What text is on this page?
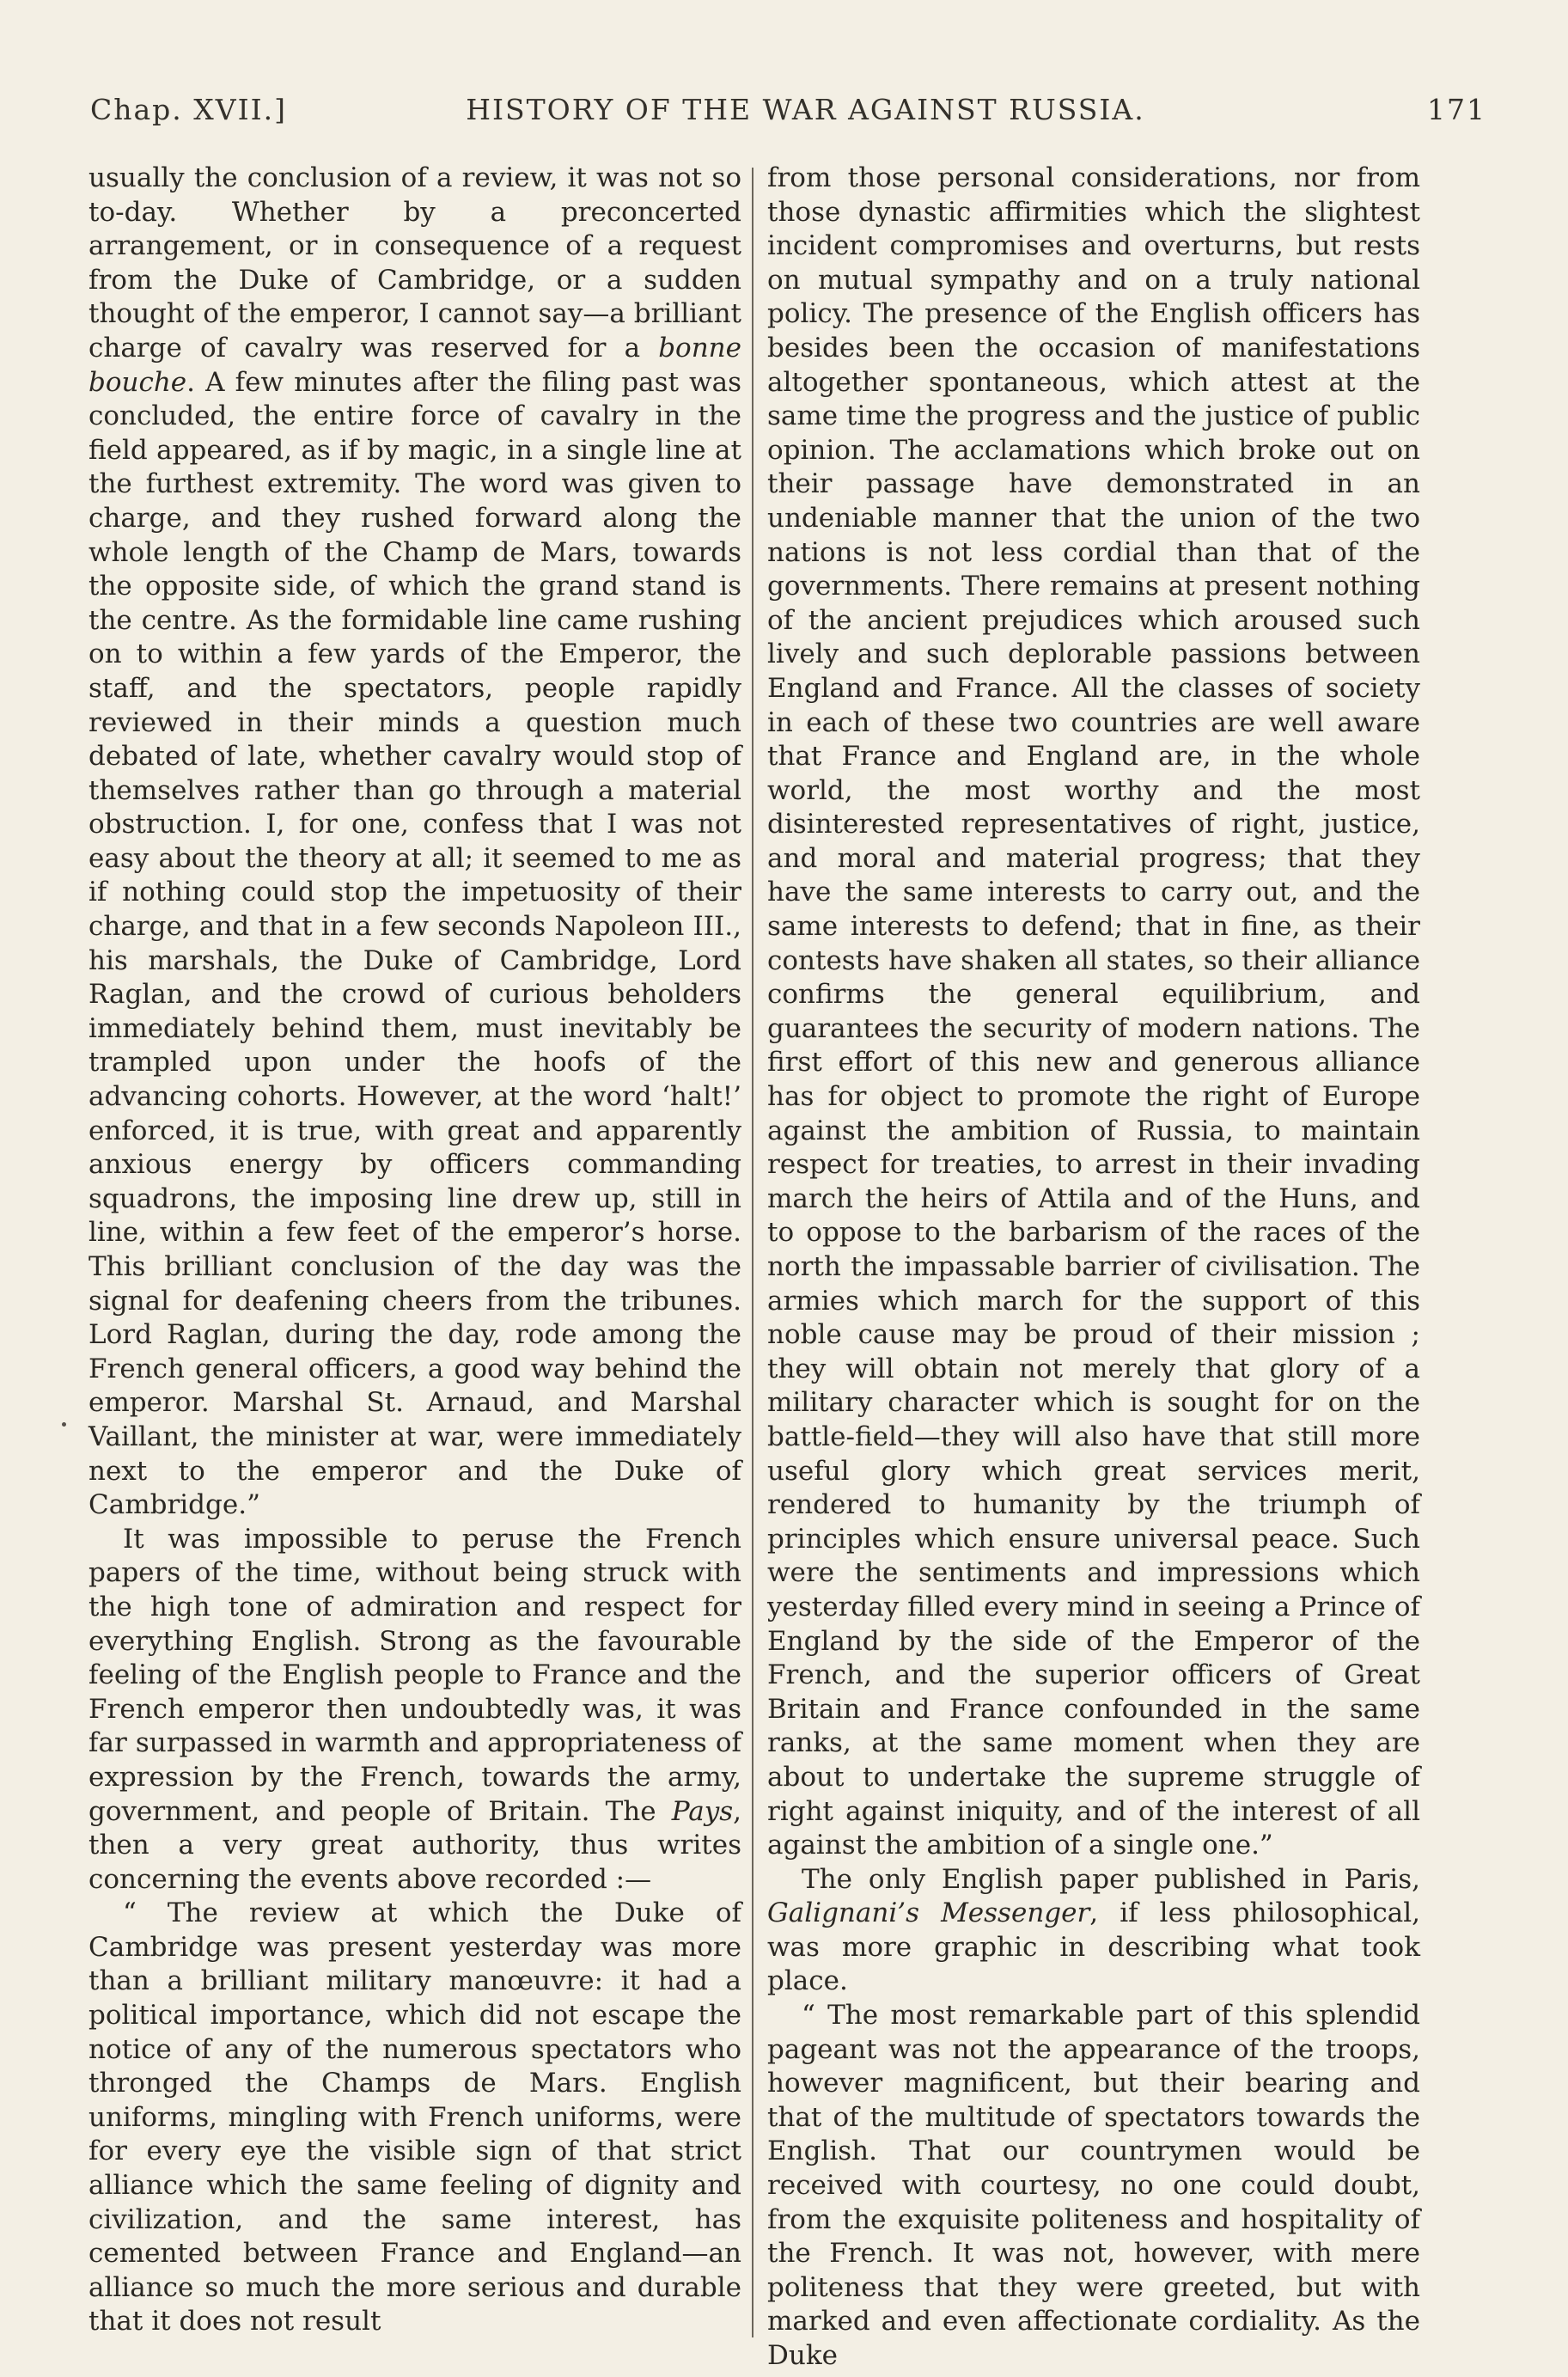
Chap. XVII.]	HISTORY OF THE WAR AGAINST RUSSIA.	171

usually the conclusion of a review, it was not so to-day. Whether by a preconcerted arrangement, or in consequence of a request from the Duke of Cambridge, or a sudden thought of the emperor, I cannot say—a brilliant charge of cavalry was reserved for a bonne bouche. A few minutes after the filing past was concluded, the entire force of cavalry in the field appeared, as if by magic, in a single line at the furthest extremity. The word was given to charge, and they rushed forward along the whole length of the Champ de Mars, towards the opposite side, of which the grand stand is the centre. As the formidable line came rushing on to within a few yards of the Emperor, the staff, and the spectators, people rapidly reviewed in their minds a question much debated of late, whether cavalry would stop of themselves rather than go through a material obstruction. I, for one, confess that I was not easy about the theory at all; it seemed to me as if nothing could stop the impetuosity of their charge, and that in a few seconds Napoleon III., his marshals, the Duke of Cambridge, Lord Raglan, and the crowd of curious beholders immediately behind them, must inevitably be trampled upon under the hoofs of the advancing cohorts. However, at the word ‘halt!’ enforced, it is true, with great and apparently anxious energy by officers commanding squadrons, the imposing line drew up, still in line, within a few feet of the emperor’s horse. This brilliant conclusion of the day was the signal for deafening cheers from the tribunes. Lord Raglan, during the day, rode among the French general officers, a good way behind the emperor. Marshal St. Arnaud, and Marshal Vaillant, the minister at war, were immediately next to the emperor and the Duke of Cambridge.”

It was impossible to peruse the French papers of the time, without being struck with the high tone of admiration and respect for everything English. Strong as the favourable feeling of the English people to France and the French emperor then undoubtedly was, it was far surpassed in warmth and appropriateness of expression by the French, towards the army, government, and people of Britain. The Pays, then a very great authority, thus writes concerning the events above recorded :—

“ The review at which the Duke of Cambridge was present yesterday was more than a brilliant military manœuvre: it had a political importance, which did not escape the notice of any of the numerous spectators who thronged the Champs de Mars. English uniforms, mingling with French uniforms, were for every eye the visible sign of that strict alliance which the same feeling of dignity and civilization, and the same interest, has cemented between France and England—an alliance so much the more serious and durable that it does not result

from those personal considerations, nor from those dynastic affirmities which the slightest incident compromises and overturns, but rests on mutual sympathy and on a truly national policy. The presence of the English officers has besides been the occasion of manifestations altogether spontaneous, which attest at the same time the progress and the justice of public opinion. The acclamations which broke out on their passage have demonstrated in an undeniable manner that the union of the two nations is not less cordial than that of the governments. There remains at present nothing of the ancient prejudices which aroused such lively and such deplorable passions between England and France. All the classes of society in each of these two countries are well aware that France and England are, in the whole world, the most worthy and the most disinterested representatives of right, justice, and moral and material progress; that they have the same interests to carry out, and the same interests to defend; that in fine, as their contests have shaken all states, so their alliance confirms the general equilibrium, and guarantees the security of modern nations. The first effort of this new and generous alliance has for object to promote the right of Europe against the ambition of Russia, to maintain respect for treaties, to arrest in their invading march the heirs of Attila and of the Huns, and to oppose to the barbarism of the races of the north the impassable barrier of civilisation. The armies which march for the support of this noble cause may be proud of their mission ; they will obtain not merely that glory of a military character which is sought for on the battle-field—they will also have that still more useful glory which great services merit, rendered to humanity by the triumph of principles which ensure universal peace. Such were the sentiments and impressions which yesterday filled every mind in seeing a Prince of England by the side of the Emperor of the French, and the superior officers of Great Britain and France confounded in the same ranks, at the same moment when they are about to undertake the supreme struggle of right against iniquity, and of the interest of all against the ambition of a single one.”

The only English paper published in Paris, Galignani’s Messenger, if less philosophical, was more graphic in describing what took place.

“ The most remarkable part of this splendid pageant was not the appearance of the troops, however magnificent, but their bearing and that of the multitude of spectators towards the English. That our countrymen would be received with courtesy, no one could doubt, from the exquisite politeness and hospitality of the French. It was not, however, with mere politeness that they were greeted, but with marked and even affectionate cordiality. As the Duke
